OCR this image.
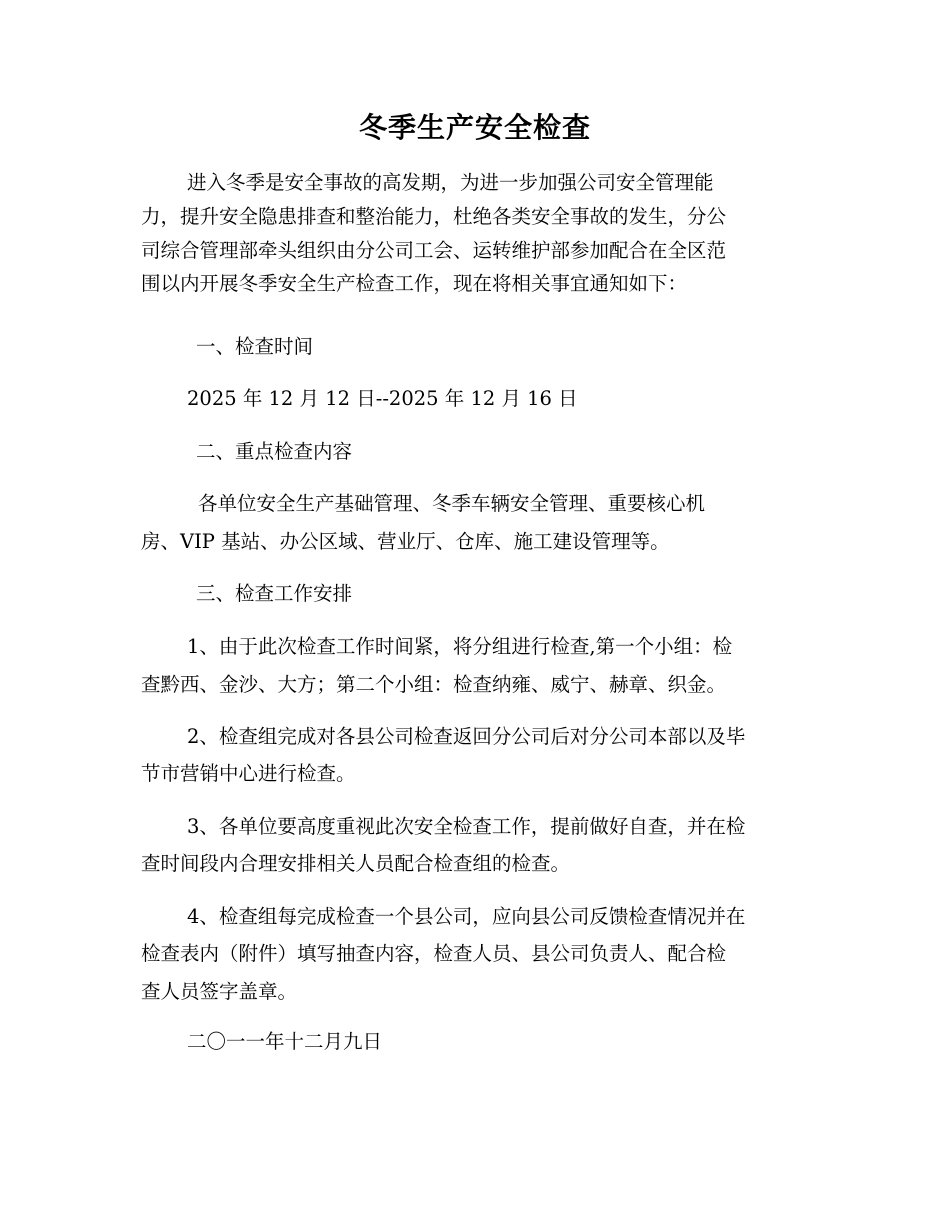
冬季生产安全检查
进入冬季是安全事故的高发期，为进一步加强公司安全管理能
力，提升安全隐患排查和整治能力，杜绝各类安全事故的发生，分公
司综合管理部牵头组织由分公司工会、运转维护部参加配合在全区范
围以内开展冬季安全生产检查工作，现在将相关事宜通知如下：
一、检查时间
2025 年 12 月 12 日--2025 年 12 月 16 日
二、重点检查内容
各单位安全生产基础管理、冬季车辆安全管理、重要核心机
房、VIP 基站、办公区域、营业厅、仓库、施工建设管理等。
三、检查工作安排
1、由于此次检查工作时间紧，将分组进行检查,第一个小组：检
查黔西、金沙、大方；第二个小组：检查纳雍、威宁、赫章、织金。
2、检查组完成对各县公司检查返回分公司后对分公司本部以及毕
节市营销中心进行检查。
3、各单位要高度重视此次安全检查工作，提前做好自查，并在检
查时间段内合理安排相关人员配合检查组的检查。
4、检查组每完成检查一个县公司，应向县公司反馈检查情况并在
检查表内（附件）填写抽查内容，检查人员、县公司负责人、配合检
查人员签字盖章。
二〇一一年十二月九日
